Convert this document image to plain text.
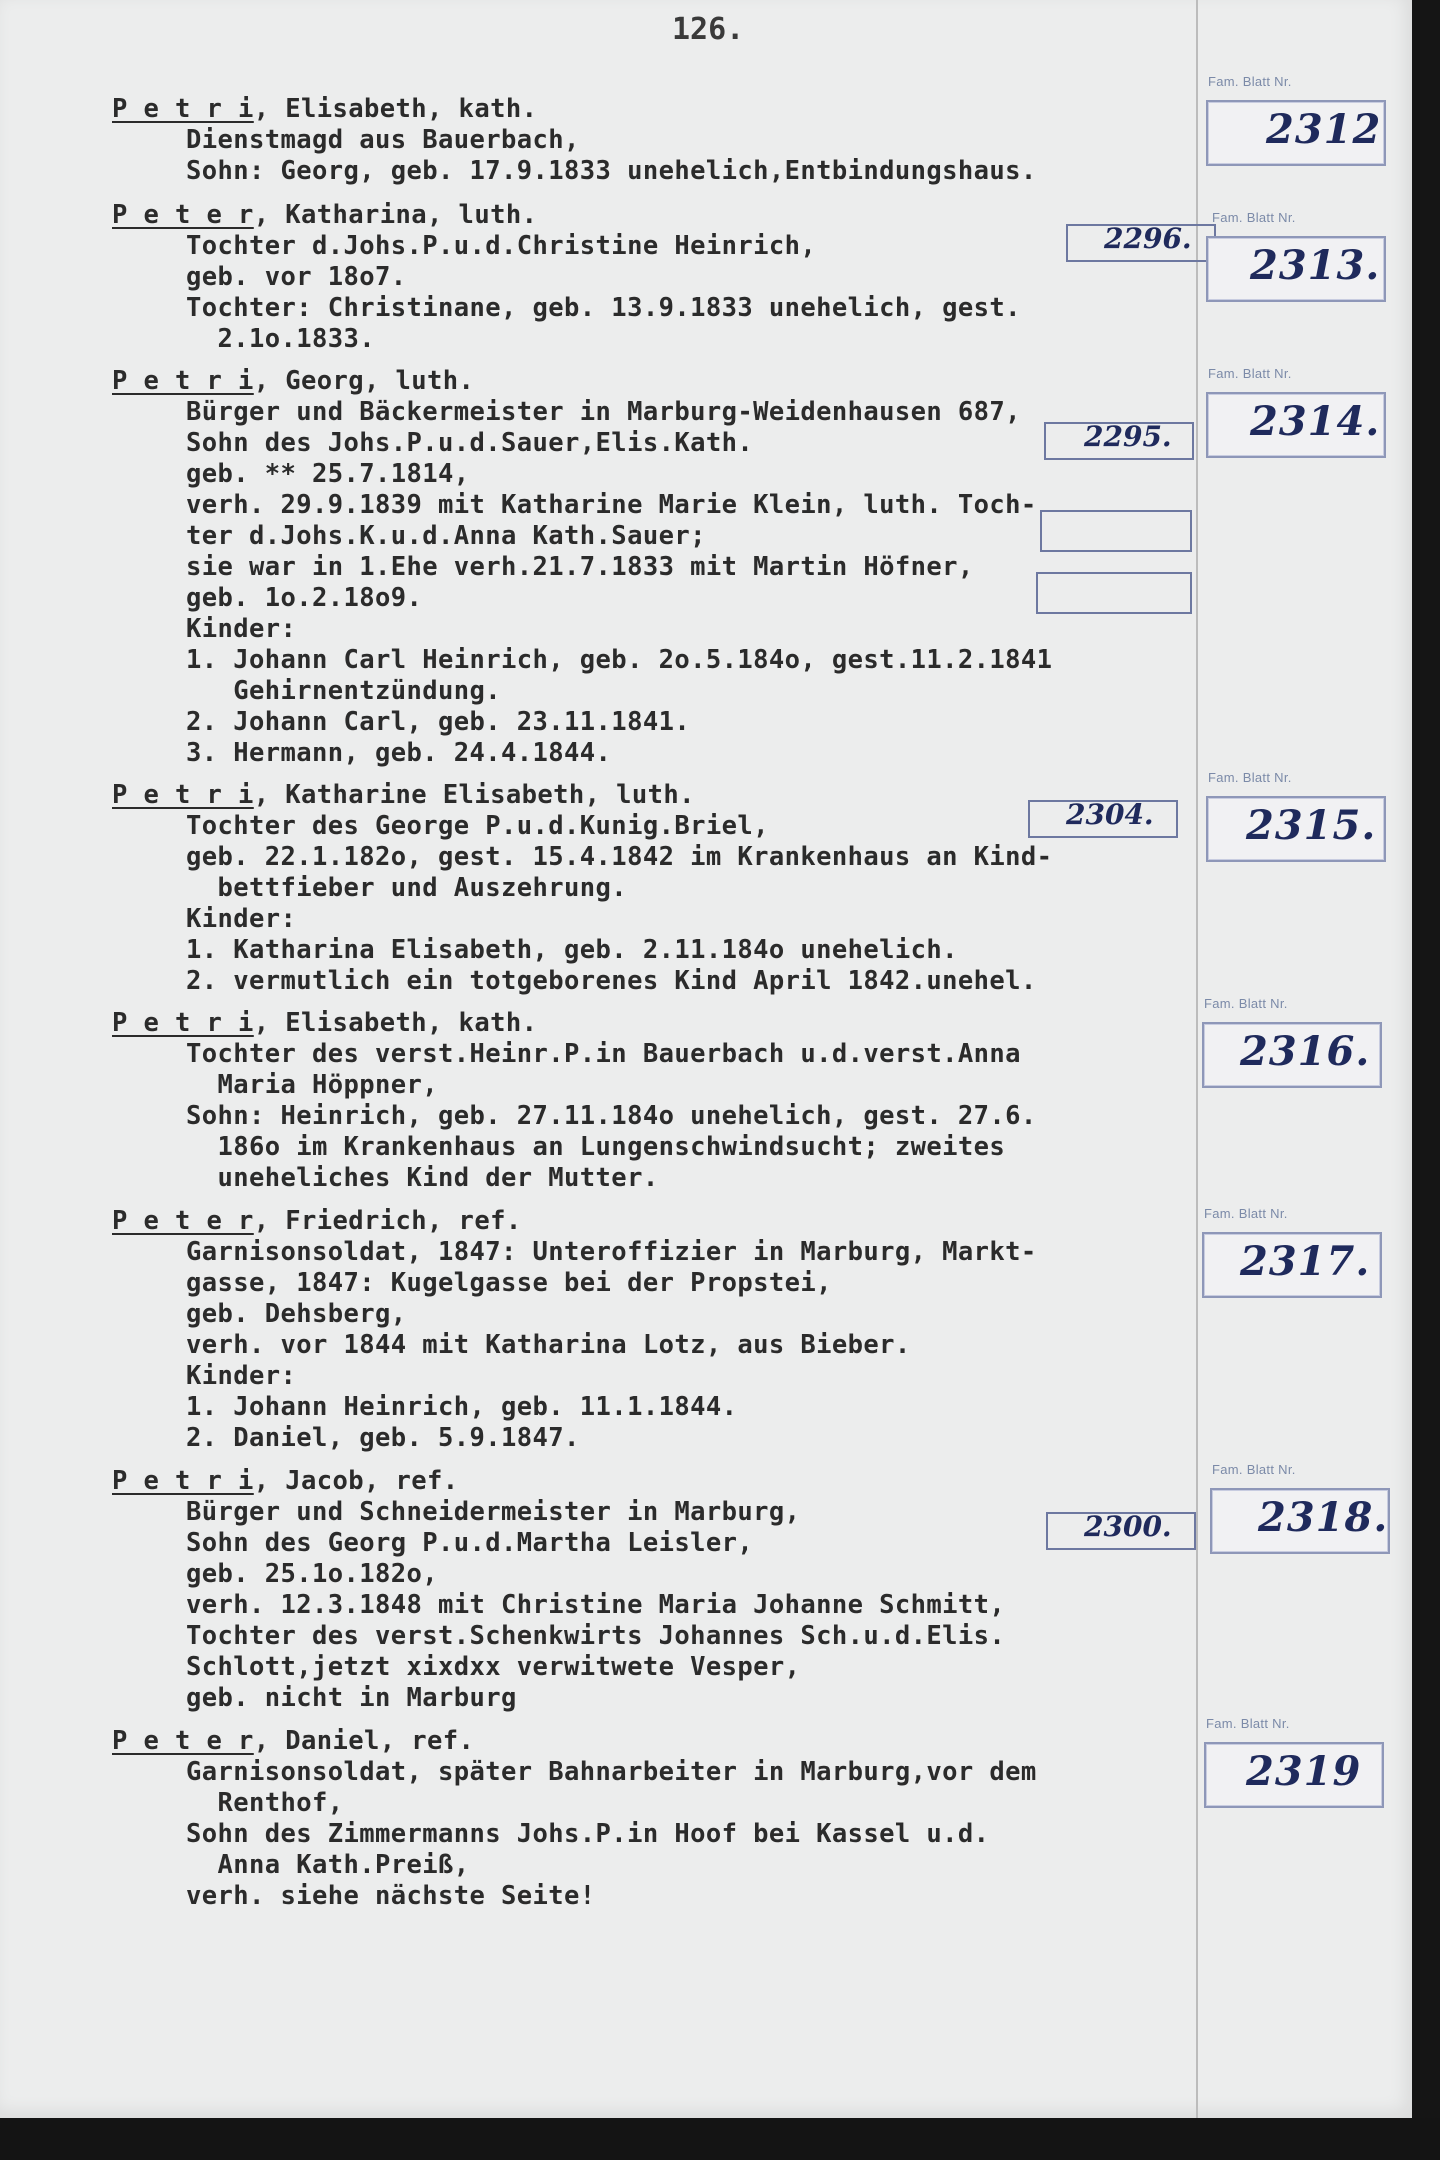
126.
P e t r i, Elisabeth, kath.
Dienstmagd aus Bauerbach,
Sohn: Georg, geb. 17.9.1833 unehelich,Entbindungshaus.
P e t e r, Katharina, luth.
Tochter d.Johs.P.u.d.Christine Heinrich,
geb. vor 18o7.
Tochter: Christinane, geb. 13.9.1833 unehelich, gest.
2.1o.1833.
P e t r i, Georg, luth.
Bürger und Bäckermeister in Marburg-Weidenhausen 687,
Sohn des Johs.P.u.d.Sauer,Elis.Kath.
geb. ** 25.7.1814,
verh. 29.9.1839 mit Katharine Marie Klein, luth. Toch-
ter d.Johs.K.u.d.Anna Kath.Sauer;
sie war in 1.Ehe verh.21.7.1833 mit Martin Höfner,
geb. 1o.2.18o9.
Kinder:
1. Johann Carl Heinrich, geb. 2o.5.184o, gest.11.2.1841
Gehirnentzündung.
2. Johann Carl, geb. 23.11.1841.
3. Hermann, geb. 24.4.1844.
P e t r i, Katharine Elisabeth, luth.
Tochter des George P.u.d.Kunig.Briel,
geb. 22.1.182o, gest. 15.4.1842 im Krankenhaus an Kind-
bettfieber und Auszehrung.
Kinder:
1. Katharina Elisabeth, geb. 2.11.184o unehelich.
2. vermutlich ein totgeborenes Kind April 1842.unehel.
P e t r i, Elisabeth, kath.
Tochter des verst.Heinr.P.in Bauerbach u.d.verst.Anna
Maria Höppner,
Sohn: Heinrich, geb. 27.11.184o unehelich, gest. 27.6.
186o im Krankenhaus an Lungenschwindsucht; zweites
uneheliches Kind der Mutter.
P e t e r, Friedrich, ref.
Garnisonsoldat, 1847: Unteroffizier in Marburg, Markt-
gasse, 1847: Kugelgasse bei der Propstei,
geb. Dehsberg,
verh. vor 1844 mit Katharina Lotz, aus Bieber.
Kinder:
1. Johann Heinrich, geb. 11.1.1844.
2. Daniel, geb. 5.9.1847.
P e t r i, Jacob, ref.
Bürger und Schneidermeister in Marburg,
Sohn des Georg P.u.d.Martha Leisler,
geb. 25.1o.182o,
verh. 12.3.1848 mit Christine Maria Johanne Schmitt,
Tochter des verst.Schenkwirts Johannes Sch.u.d.Elis.
Schlott,jetzt xixdxx verwitwete Vesper,
geb. nicht in Marburg
P e t e r, Daniel, ref.
Garnisonsoldat, später Bahnarbeiter in Marburg,vor dem
Renthof,
Sohn des Zimmermanns Johs.P.in Hoof bei Kassel u.d.
Anna Kath.Preiß,
verh. siehe nächste Seite!
2296.
2295.
2304.
2300.
Fam. Blatt Nr.
2312
Fam. Blatt Nr.
2313.
Fam. Blatt Nr.
2314.
Fam. Blatt Nr.
2315.
Fam. Blatt Nr.
2316.
Fam. Blatt Nr.
2317.
Fam. Blatt Nr.
2318.
Fam. Blatt Nr.
2319
